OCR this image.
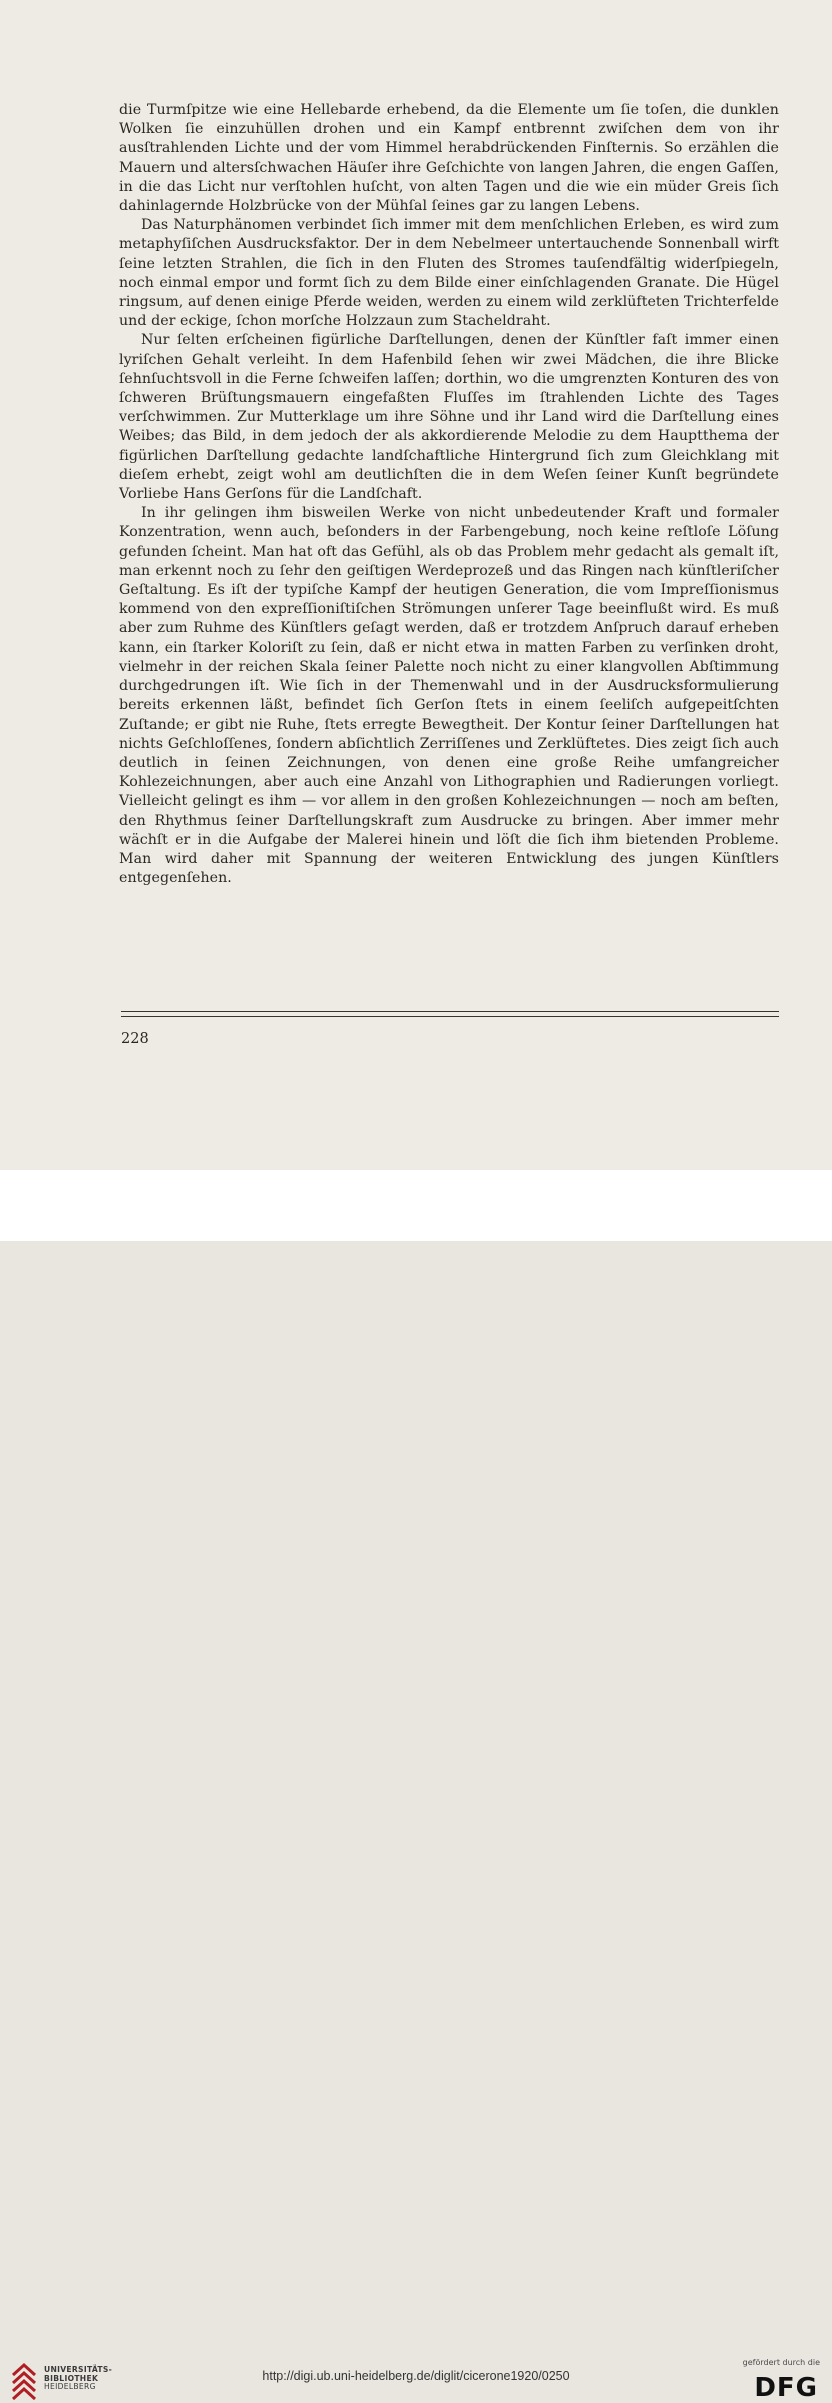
die Turmſpitze wie eine Hellebarde erhebend, da die Elemente um ſie toſen, die dunklen Wolken ſie einzuhüllen drohen und ein Kampf entbrennt zwiſchen dem von ihr ausſtrahlenden Lichte und der vom Himmel herabdrückenden Finſternis. So erzählen die Mauern und altersſchwachen Häuſer ihre Geſchichte von langen Jahren, die engen Gaſſen, in die das Licht nur verſtohlen huſcht, von alten Tagen und die wie ein müder Greis ſich dahinlagernde Holzbrücke von der Mühſal ſeines gar zu langen Lebens.

Das Naturphänomen verbindet ſich immer mit dem menſchlichen Erleben, es wird zum metaphyſiſchen Ausdrucksfaktor. Der in dem Nebelmeer untertauchende Sonnenball wirft ſeine letzten Strahlen, die ſich in den Fluten des Stromes tauſendfältig widerſpiegeln, noch einmal empor und formt ſich zu dem Bilde einer einſchlagenden Granate. Die Hügel ringsum, auf denen einige Pferde weiden, werden zu einem wild zerklüfteten Trichterfelde und der eckige, ſchon morſche Holzzaun zum Stacheldraht.

Nur ſelten erſcheinen figürliche Darſtellungen, denen der Künſtler faſt immer einen lyriſchen Gehalt verleiht. In dem Hafenbild ſehen wir zwei Mädchen, die ihre Blicke ſehnſuchtsvoll in die Ferne ſchweifen laſſen; dorthin, wo die umgrenzten Konturen des von ſchweren Brüſtungsmauern eingefaßten Fluſſes im ſtrahlenden Lichte des Tages verſchwimmen. Zur Mutterklage um ihre Söhne und ihr Land wird die Darſtellung eines Weibes; das Bild, in dem jedoch der als akkordierende Melodie zu dem Hauptthema der figürlichen Darſtellung gedachte landſchaftliche Hintergrund ſich zum Gleichklang mit dieſem erhebt, zeigt wohl am deutlichſten die in dem Weſen ſeiner Kunſt begründete Vorliebe Hans Gerſons für die Landſchaft.

In ihr gelingen ihm bisweilen Werke von nicht unbedeutender Kraft und formaler Konzentration, wenn auch, beſonders in der Farbengebung, noch keine reſtloſe Löſung gefunden ſcheint. Man hat oft das Gefühl, als ob das Problem mehr gedacht als gemalt iſt, man erkennt noch zu ſehr den geiſtigen Werdeprozeß und das Ringen nach künſtleriſcher Geſtaltung. Es iſt der typiſche Kampf der heutigen Generation, die vom Impreſſionismus kommend von den expreſſioniſtiſchen Strömungen unſerer Tage beeinflußt wird. Es muß aber zum Ruhme des Künſtlers geſagt werden, daß er trotzdem Anſpruch darauf erheben kann, ein ſtarker Koloriſt zu ſein, daß er nicht etwa in matten Farben zu verſinken droht, vielmehr in der reichen Skala ſeiner Palette noch nicht zu einer klangvollen Abſtimmung durchgedrungen iſt. Wie ſich in der Themenwahl und in der Ausdrucksformulierung bereits erkennen läßt, befindet ſich Gerſon ſtets in einem ſeeliſch aufgepeitſchten Zuſtande; er gibt nie Ruhe, ſtets erregte Bewegtheit. Der Kontur ſeiner Darſtellungen hat nichts Geſchloſſenes, ſondern abſichtlich Zerriſſenes und Zerklüftetes. Dies zeigt ſich auch deutlich in ſeinen Zeichnungen, von denen eine große Reihe umfangreicher Kohlezeichnungen, aber auch eine Anzahl von Lithographien und Radierungen vorliegt. Vielleicht gelingt es ihm — vor allem in den großen Kohlezeichnungen — noch am beſten, den Rhythmus ſeiner Darſtellungskraft zum Ausdrucke zu bringen. Aber immer mehr wächſt er in die Aufgabe der Malerei hinein und löſt die ſich ihm bietenden Probleme. Man wird daher mit Spannung der weiteren Entwicklung des jungen Künſtlers entgegenſehen.

228
UNIVERSITÄTS-
BIBLIOTHEK
HEIDELBERG
http://digi.ub.uni-heidelberg.de/diglit/cicerone1920/0250
gefördert durch die
DFG
